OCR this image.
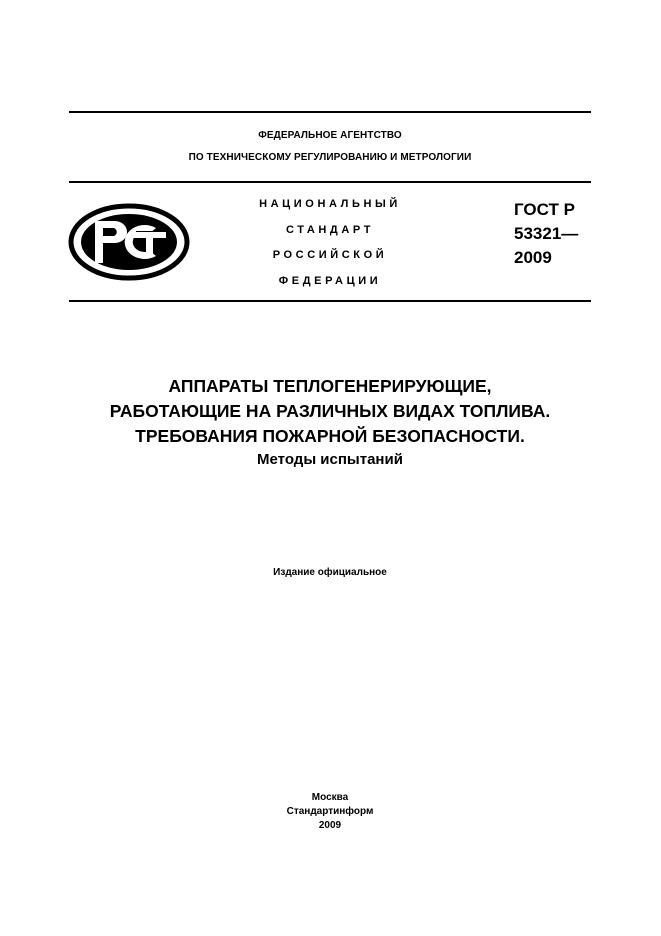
ФЕДЕРАЛЬНОЕ АГЕНТСТВО
ПО ТЕХНИЧЕСКОМУ РЕГУЛИРОВАНИЮ И МЕТРОЛОГИИ
НАЦИОНАЛЬНЫЙ
СТАНДАРТ
РОССИЙСКОЙ
ФЕДЕРАЦИИ
ГОСТ Р
53321—
2009
АППАРАТЫ ТЕПЛОГЕНЕРИРУЮЩИЕ,
РАБОТАЮЩИЕ НА РАЗЛИЧНЫХ ВИДАХ ТОПЛИВА.
ТРЕБОВАНИЯ ПОЖАРНОЙ БЕЗОПАСНОСТИ.
Методы испытаний
Издание официальное
Москва
Стандартинформ
2009
